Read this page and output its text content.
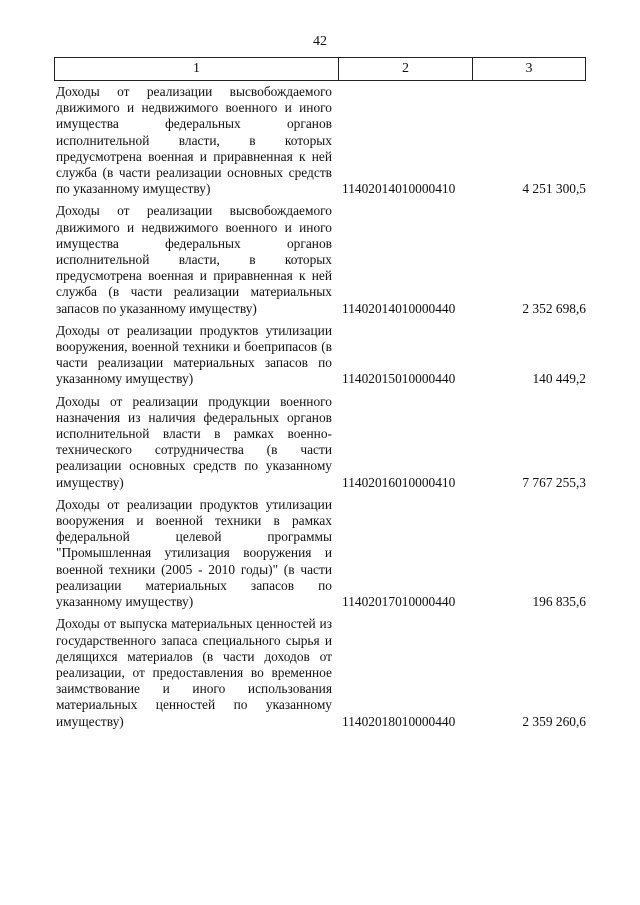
42
1	2	3
Доходы от реализации высвобождаемого движимого и недвижимого военного и иного имущества федеральных органов исполнительной власти, в которых предусмотрена военная и приравненная к ней служба (в части реализации основных средств по указанному имуществу)	11402014010000410	4 251 300,5
Доходы от реализации высвобождаемого движимого и недвижимого военного и иного имущества федеральных органов исполнительной власти, в которых предусмотрена военная и приравненная к ней служба (в части реализации материальных запасов по указанному имуществу)	11402014010000440	2 352 698,6
Доходы от реализации продуктов утилизации вооружения, военной техники и боеприпасов (в части реализации материальных запасов по указанному имуществу)	11402015010000440	140 449,2
Доходы от реализации продукции военного назначения из наличия федеральных органов исполнительной власти в рамках военно-технического сотрудничества (в части реализации основных средств по указанному имуществу)	11402016010000410	7 767 255,3
Доходы от реализации продуктов утилизации вооружения и военной техники в рамках федеральной целевой программы "Промышленная утилизация вооружения и военной техники (2005 - 2010 годы)" (в части реализации материальных запасов по указанному имуществу)	11402017010000440	196 835,6
Доходы от выпуска материальных ценностей из государственного запаса специального сырья и делящихся материалов (в части доходов от реализации, от предоставления во временное заимствование и иного использования материальных ценностей по указанному имуществу)	11402018010000440	2 359 260,6
